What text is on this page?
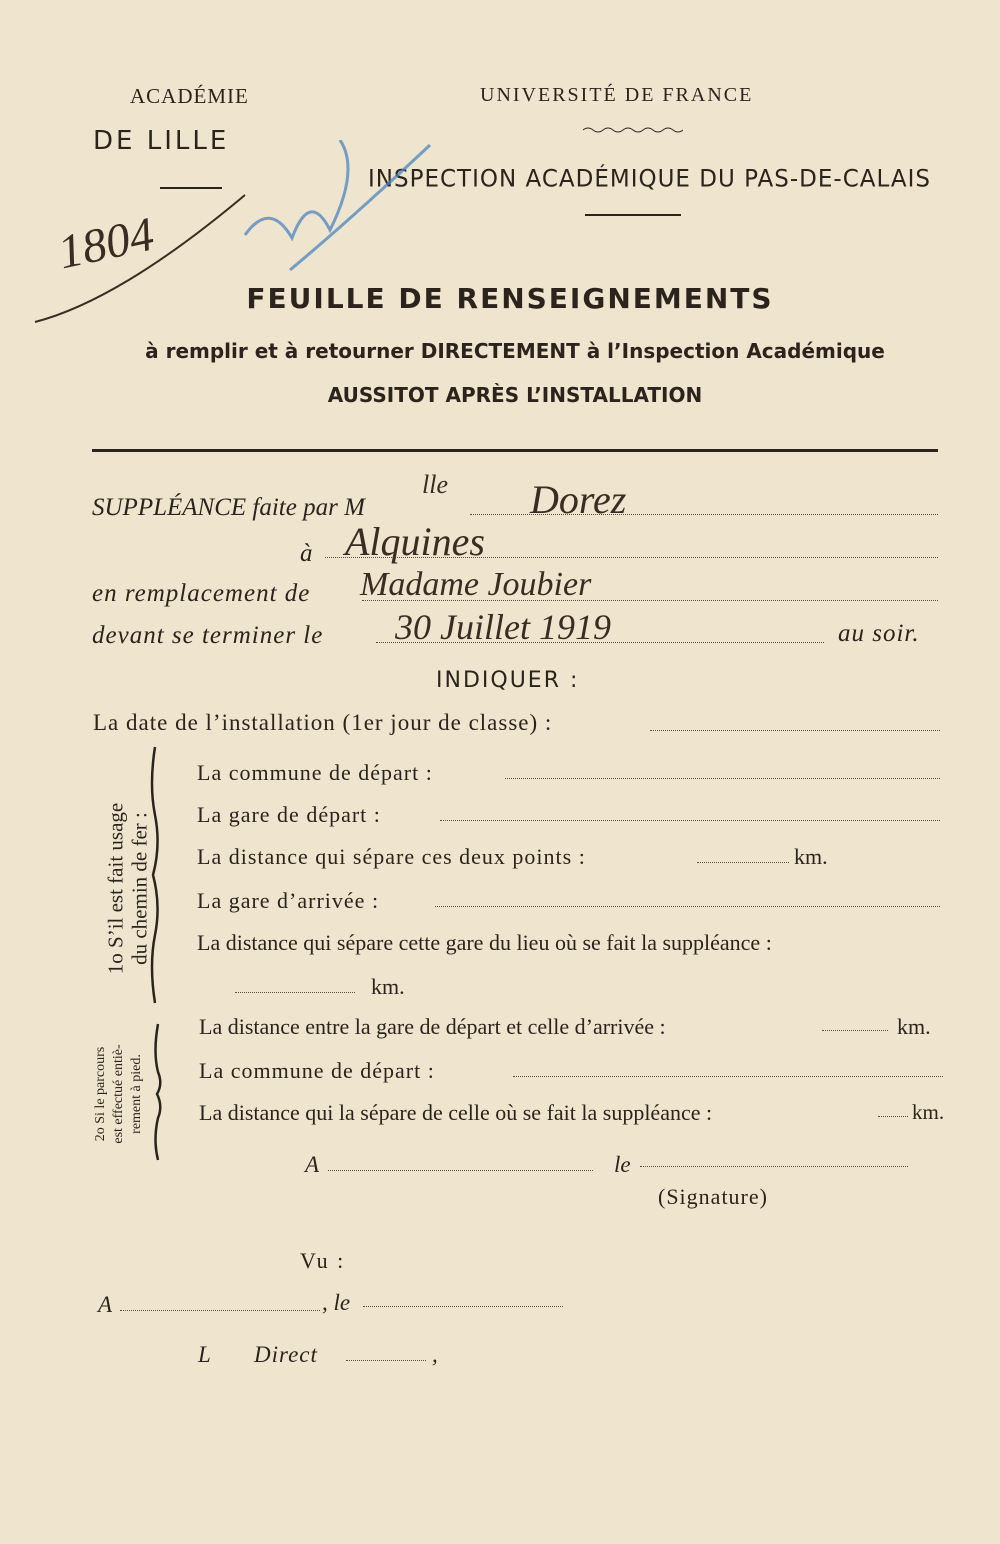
ACADÉMIE
DE LILLE
UNIVERSITÉ DE FRANCE
INSPECTION ACADÉMIQUE DU PAS-DE-CALAIS
1804
FEUILLE DE RENSEIGNEMENTS
à remplir et à retourner DIRECTEMENT à l’Inspection Académique
AUSSITOT APRÈS L’INSTALLATION
SUPPLÉANCE faite par M
lle Dorez
à Alquines
en remplacement de Madame Joubier
devant se terminer le 30 Juillet 1919	au soir.
INDIQUER :
La date de l’installation (1er jour de classe) :
1o S’il est fait usage du chemin de fer :
La commune de départ :
La gare de départ :
La distance qui sépare ces deux points :	km.
La gare d’arrivée :
La distance qui sépare cette gare du lieu où se fait la suppléance :
km.
La distance entre la gare de départ et celle d’arrivée :	km.
2o Si le parcours est effectué entiè- rement à pied.	La commune de départ :
La distance qui la sépare de celle où se fait la suppléance :	km.
A	le
(Signature)
Vu :
A	, le
L Direct	,
